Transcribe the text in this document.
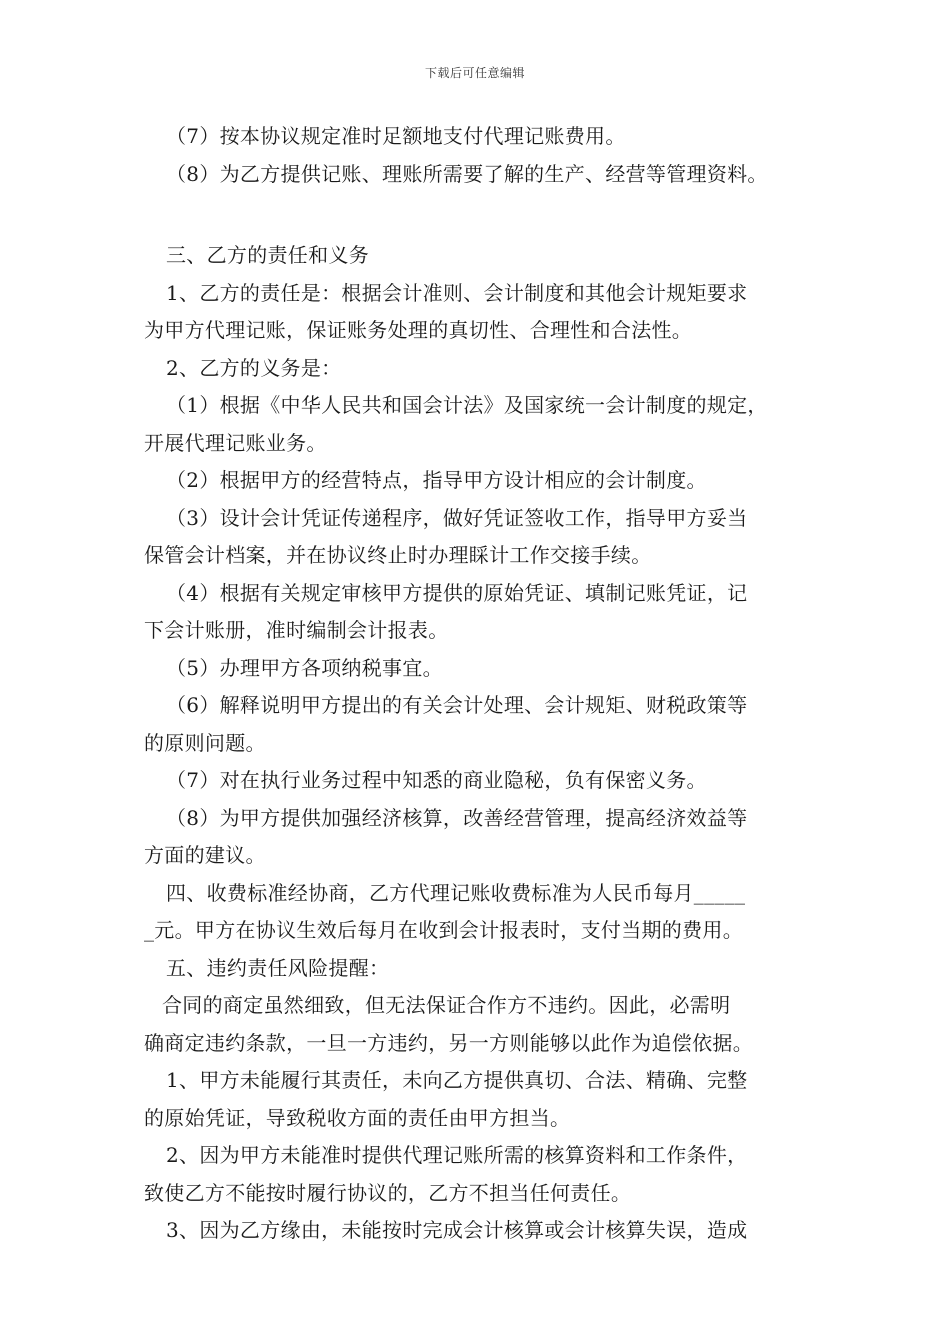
下载后可任意编辑
（7）按本协议规定准时足额地支付代理记账费用。
（8）为乙方提供记账、理账所需要了解的生产、经营等管理资料。
三、乙方的责任和义务
1、乙方的责任是：根据会计准则、会计制度和其他会计规矩要求
为甲方代理记账，保证账务处理的真切性、合理性和合法性。
2、乙方的义务是：
（1）根据《中华人民共和国会计法》及国家统一会计制度的规定，
开展代理记账业务。
（2）根据甲方的经营特点，指导甲方设计相应的会计制度。
（3）设计会计凭证传递程序，做好凭证签收工作，指导甲方妥当
保管会计档案，并在协议终止时办理睬计工作交接手续。
（4）根据有关规定审核甲方提供的原始凭证、填制记账凭证，记
下会计账册，准时编制会计报表。
（5）办理甲方各项纳税事宜。
（6）解释说明甲方提出的有关会计处理、会计规矩、财税政策等
的原则问题。
（7）对在执行业务过程中知悉的商业隐秘，负有保密义务。
（8）为甲方提供加强经济核算，改善经营管理，提高经济效益等
方面的建议。
四、收费标准经协商，乙方代理记账收费标准为人民币每月_____
_元。甲方在协议生效后每月在收到会计报表时，支付当期的费用。
五、违约责任风险提醒：
合同的商定虽然细致，但无法保证合作方不违约。因此，必需明
确商定违约条款，一旦一方违约，另一方则能够以此作为追偿依据。
1、甲方未能履行其责任，未向乙方提供真切、合法、精确、完整
的原始凭证，导致税收方面的责任由甲方担当。
2、因为甲方未能准时提供代理记账所需的核算资料和工作条件，
致使乙方不能按时履行协议的，乙方不担当任何责任。
3、因为乙方缘由，未能按时完成会计核算或会计核算失误，造成
